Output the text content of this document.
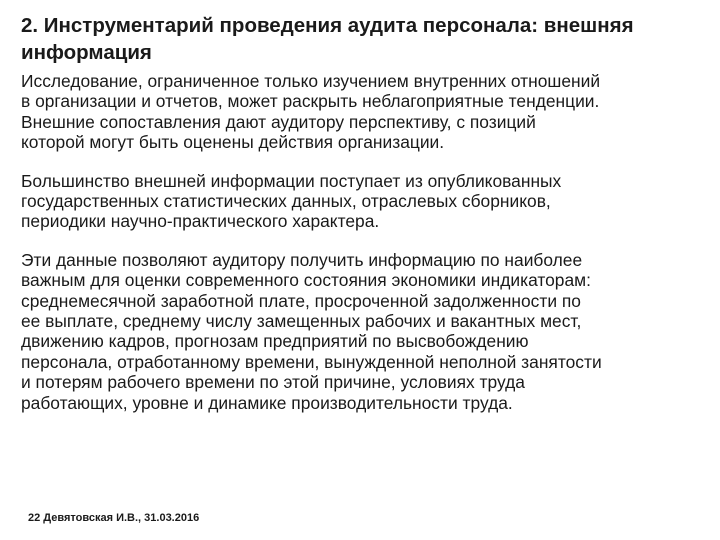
2. Инструментарий проведения аудита персонала: внешняя
информация

Исследование, ограниченное только изучением внутренних отношений
в организации и отчетов, может раскрыть неблагоприятные тенденции.
Внешние сопоставления дают аудитору перспективу, с позиций
которой могут быть оценены действия организации.

Большинство внешней информации поступает из опубликованных
государственных статистических данных, отраслевых сборников,
периодики научно-практического характера.

Эти данные позволяют аудитору получить информацию по наиболее
важным для оценки современного состояния экономики индикаторам:
среднемесячной заработной плате, просроченной задолженности по
ее выплате, среднему числу замещенных рабочих и вакантных мест,
движению кадров, прогнозам предприятий по высвобождению
персонала, отработанному времени, вынужденной неполной занятости
и потерям рабочего времени по этой причине, условиях труда
работающих, уровне и динамике производительности труда.

22 Девятовская И.В., 31.03.2016
